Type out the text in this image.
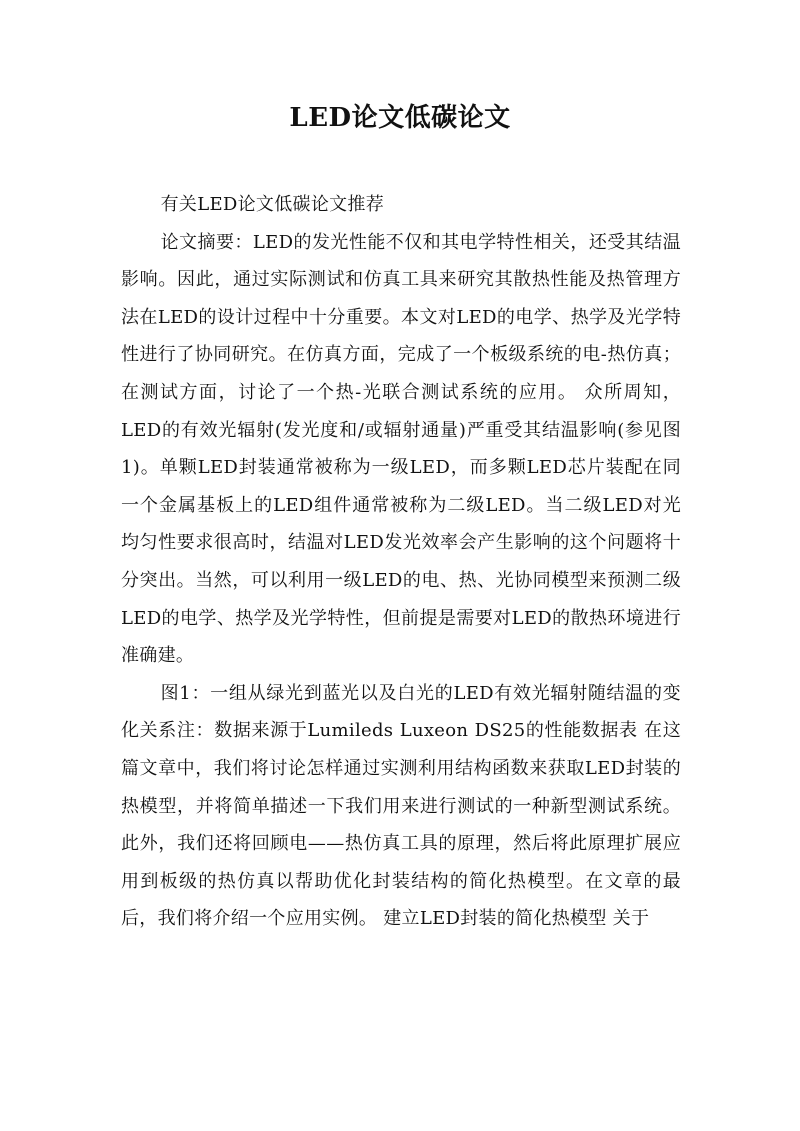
LED论文低碳论文

有关LED论文低碳论文推荐

论文摘要：LED的发光性能不仅和其电学特性相关，还受其结温影响。因此，通过实际测试和仿真工具来研究其散热性能及热管理方法在LED的设计过程中十分重要。本文对LED的电学、热学及光学特性进行了协同研究。在仿真方面，完成了一个板级系统的电-热仿真；在测试方面，讨论了一个热-光联合测试系统的应用。 众所周知，LED的有效光辐射(发光度和/或辐射通量)严重受其结温影响(参见图1)。单颗LED封装通常被称为一级LED，而多颗LED芯片装配在同一个金属基板上的LED组件通常被称为二级LED。当二级LED对光均匀性要求很高时，结温对LED发光效率会产生影响的这个问题将十分突出。当然，可以利用一级LED的电、热、光协同模型来预测二级LED的电学、热学及光学特性，但前提是需要对LED的散热环境进行准确建。

图1：一组从绿光到蓝光以及白光的LED有效光辐射随结温的变化关系注：数据来源于Lumileds Luxeon DS25的性能数据表 在这篇文章中，我们将讨论怎样通过实测利用结构函数来获取LED封装的热模型，并将简单描述一下我们用来进行测试的一种新型测试系统。此外，我们还将回顾电——热仿真工具的原理，然后将此原理扩展应用到板级的热仿真以帮助优化封装结构的简化热模型。在文章的最后，我们将介绍一个应用实例。 建立LED封装的简化热模型 关于
